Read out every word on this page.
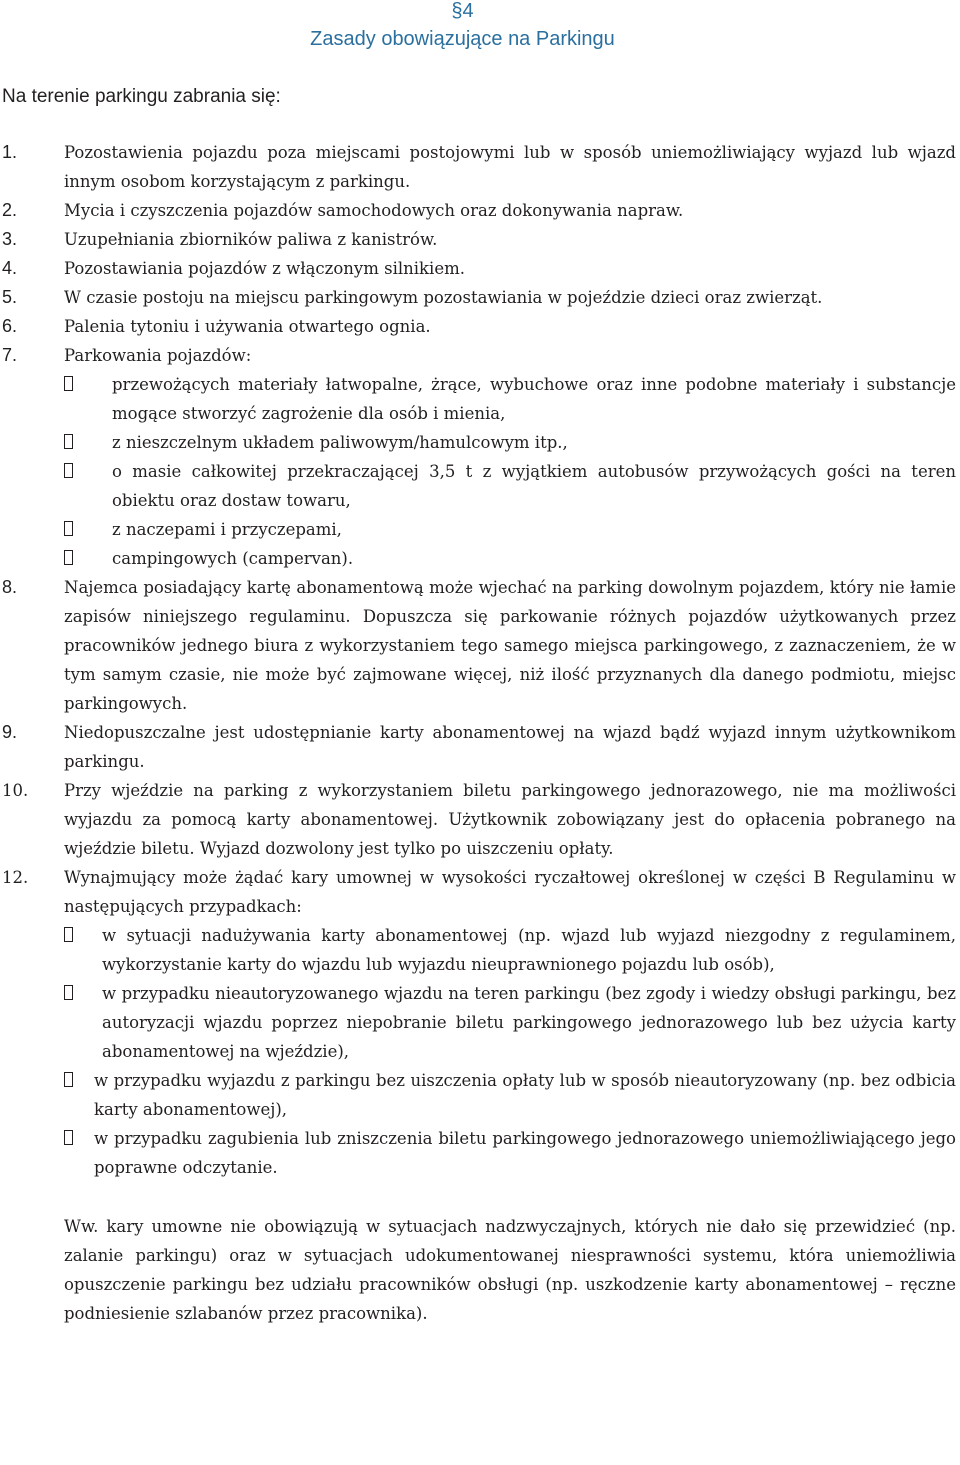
§4
Zasady obowiązujące na Parkingu
Na terenie parkingu zabrania się:
1.	Pozostawienia pojazdu poza miejscami postojowymi lub w sposób uniemożliwiający wyjazd lub wjazd innym osobom korzystającym z parkingu.
2.	Mycia i czyszczenia pojazdów samochodowych oraz dokonywania napraw.
3.	Uzupełniania zbiorników paliwa z kanistrów.
4.	Pozostawiania pojazdów z włączonym silnikiem.
5.	W czasie postoju na miejscu parkingowym pozostawiania w pojeździe dzieci oraz zwierząt.
6.	Palenia tytoniu i używania otwartego ognia.
7.	Parkowania pojazdów:
przewożących materiały łatwopalne, żrące, wybuchowe oraz inne podobne materiały i substancje mogące stworzyć zagrożenie dla osób i mienia,
z nieszczelnym układem paliwowym/hamulcowym itp.,
o masie całkowitej przekraczającej 3,5 t z wyjątkiem autobusów przywożących gości na teren obiektu oraz dostaw towaru,
z naczepami i przyczepami,
campingowych (campervan).
8.	Najemca posiadający kartę abonamentową może wjechać na parking dowolnym pojazdem, który nie łamie zapisów niniejszego regulaminu. Dopuszcza się parkowanie różnych pojazdów użytkowanych przez pracowników jednego biura z wykorzystaniem tego samego miejsca parkingowego, z zaznaczeniem, że w tym samym czasie, nie może być zajmowane więcej, niż ilość przyznanych dla danego podmiotu, miejsc parkingowych.
9.	Niedopuszczalne jest udostępnianie karty abonamentowej na wjazd bądź wyjazd innym użytkownikom parkingu.
10.	Przy wjeździe na parking z wykorzystaniem biletu parkingowego jednorazowego, nie ma możliwości wyjazdu za pomocą karty abonamentowej. Użytkownik zobowiązany jest do opłacenia pobranego na wjeździe biletu. Wyjazd dozwolony jest tylko po uiszczeniu opłaty.
12.	Wynajmujący może żądać kary umownej w wysokości ryczałtowej określonej w części B Regulaminu w następujących przypadkach:
w sytuacji nadużywania karty abonamentowej (np. wjazd lub wyjazd niezgodny z regulaminem, wykorzystanie karty do wjazdu lub wyjazdu nieuprawnionego pojazdu lub osób),
w przypadku nieautoryzowanego wjazdu na teren parkingu (bez zgody i wiedzy obsługi parkingu, bez autoryzacji wjazdu poprzez niepobranie biletu parkingowego jednorazowego lub bez użycia karty abonamentowej na wjeździe),
w przypadku wyjazdu z parkingu bez uiszczenia opłaty lub w sposób nieautoryzowany (np. bez odbicia karty abonamentowej),
w przypadku zagubienia lub zniszczenia biletu parkingowego jednorazowego uniemożliwiającego jego poprawne odczytanie.
Ww. kary umowne nie obowiązują w sytuacjach nadzwyczajnych, których nie dało się przewidzieć (np. zalanie parkingu) oraz w sytuacjach udokumentowanej niesprawności systemu, która uniemożliwia opuszczenie parkingu bez udziału pracowników obsługi (np. uszkodzenie karty abonamentowej – ręczne podniesienie szlabanów przez pracownika).
